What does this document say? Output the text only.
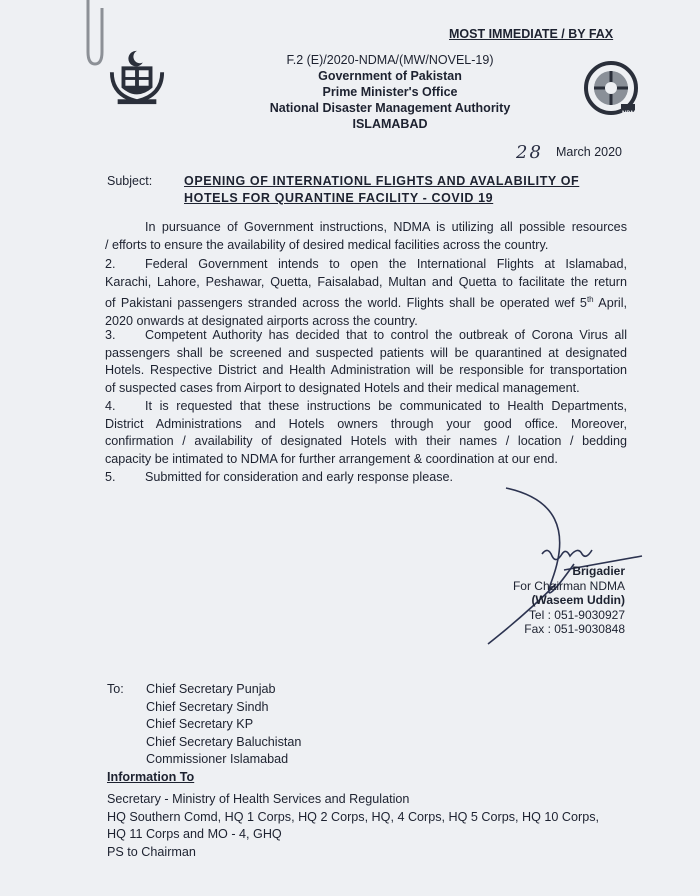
MOST IMMEDIATE / BY FAX
F.2 (E)/2020-NDMA/(MW/NOVEL-19)
Government of Pakistan
Prime Minister's Office
National Disaster Management Authority
ISLAMABAD
NDMA
28 March 2020
Subject:	OPENING OF INTERNATIONL FLIGHTS AND AVALABILITY OF
HOTELS FOR QURANTINE FACILITY - COVID 19
In pursuance of Government instructions, NDMA is utilizing all possible resources
/ efforts to ensure the availability of desired medical facilities across the country.
2. Federal Government intends to open the International Flights at Islamabad,
Karachi, Lahore, Peshawar, Quetta, Faisalabad, Multan and Quetta to facilitate the return
of Pakistani passengers stranded across the world. Flights shall be operated wef 5th April,
2020 onwards at designated airports across the country.
3. Competent Authority has decided that to control the outbreak of Corona Virus all
passengers shall be screened and suspected patients will be quarantined at designated
Hotels. Respective District and Health Administration will be responsible for transportation
of suspected cases from Airport to designated Hotels and their medical management.
4. It is requested that these instructions be communicated to Health Departments,
District Administrations and Hotels owners through your good office. Moreover,
confirmation / availability of designated Hotels with their names / location / bedding
capacity be intimated to NDMA for further arrangement & coordination at our end.
5. Submitted for consideration and early response please.
Brigadier
For Chairman NDMA
(Waseem Uddin)
Tel : 051-9030927
Fax : 051-9030848
To: Chief Secretary Punjab
Chief Secretary Sindh
Chief Secretary KP
Chief Secretary Baluchistan
Commissioner Islamabad
Information To
Secretary - Ministry of Health Services and Regulation
HQ Southern Comd, HQ 1 Corps, HQ 2 Corps, HQ, 4 Corps, HQ 5 Corps, HQ 10 Corps,
HQ 11 Corps and MO - 4, GHQ
PS to Chairman
